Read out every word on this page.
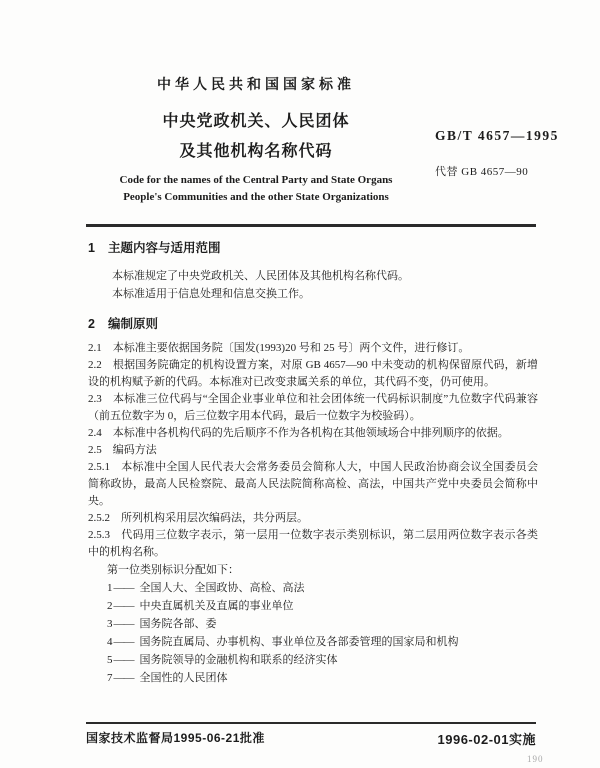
中华人民共和国国家标准
中央党政机关、人民团体
及其他机构名称代码
GB/T 4657—1995
代替 GB 4657—90
Code for the names of the Central Party and State Organs
People's Communities and the other State Organizations

1 主题内容与适用范围

本标准规定了中央党政机关、人民团体及其他机构名称代码。

本标准适用于信息处理和信息交换工作。

2 编制原则

2.1 本标准主要依据国务院〔国发(1993)20 号和 25 号〕两个文件，进行修订。

2.2 根据国务院确定的机构设置方案，对原 GB 4657—90 中未变动的机构保留原代码，新增设的机构赋予新的代码。本标准对已改变隶属关系的单位，其代码不变，仍可使用。

2.3 本标准三位代码与“全国企业事业单位和社会团体统一代码标识制度”九位数字代码兼容（前五位数字为 0，后三位数字用本代码，最后一位数字为校验码）。

2.4 本标准中各机构代码的先后顺序不作为各机构在其他领域场合中排列顺序的依据。

2.5 编码方法

2.5.1 本标准中全国人民代表大会常务委员会简称人大，中国人民政治协商会议全国委员会简称政协，最高人民检察院、最高人民法院简称高检、高法，中国共产党中央委员会简称中央。

2.5.2 所列机构采用层次编码法，共分两层。

2.5.3 代码用三位数字表示，第一层用一位数字表示类别标识，第二层用两位数字表示各类中的机构名称。

第一位类别标识分配如下：

1—— 全国人大、全国政协、高检、高法
2—— 中央直属机关及直属的事业单位
3—— 国务院各部、委
4—— 国务院直属局、办事机构、事业单位及各部委管理的国家局和机构
5—— 国务院领导的金融机构和联系的经济实体
7—— 全国性的人民团体
国家技术监督局1995-06-21批准	1996-02-01实施
190
